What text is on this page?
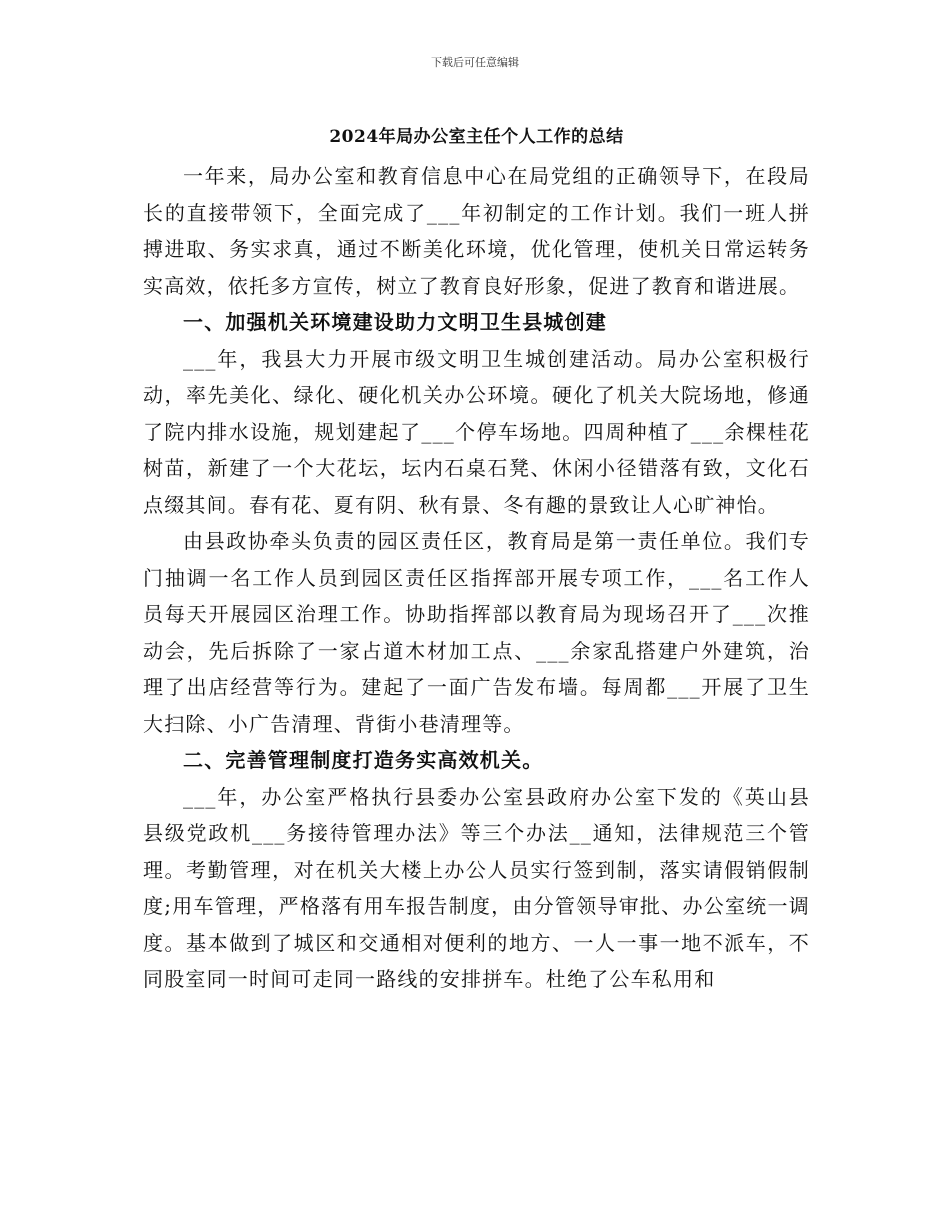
下载后可任意编辑
2024年局办公室主任个人工作的总结

一年来，局办公室和教育信息中心在局党组的正确领导下，在段局长的直接带领下，全面完成了___年初制定的工作计划。我们一班人拼搏进取、务实求真，通过不断美化环境，优化管理，使机关日常运转务实高效，依托多方宣传，树立了教育良好形象，促进了教育和谐进展。

一、加强机关环境建设助力文明卫生县城创建

___年，我县大力开展市级文明卫生城创建活动。局办公室积极行动，率先美化、绿化、硬化机关办公环境。硬化了机关大院场地，修通了院内排水设施，规划建起了___个停车场地。四周种植了___余棵桂花树苗，新建了一个大花坛，坛内石桌石凳、休闲小径错落有致，文化石点缀其间。春有花、夏有阴、秋有景、冬有趣的景致让人心旷神怡。

由县政协牵头负责的园区责任区，教育局是第一责任单位。我们专门抽调一名工作人员到园区责任区指挥部开展专项工作，___名工作人员每天开展园区治理工作。协助指挥部以教育局为现场召开了___次推动会，先后拆除了一家占道木材加工点、___余家乱搭建户外建筑，治理了出店经营等行为。建起了一面广告发布墙。每周都___开展了卫生大扫除、小广告清理、背街小巷清理等。

二、完善管理制度打造务实高效机关。

___年，办公室严格执行县委办公室县政府办公室下发的《英山县县级党政机___务接待管理办法》等三个办法__通知，法律规范三个管理。考勤管理，对在机关大楼上办公人员实行签到制，落实请假销假制度;用车管理，严格落有用车报告制度，由分管领导审批、办公室统一调度。基本做到了城区和交通相对便利的地方、一人一事一地不派车，不同股室同一时间可走同一路线的安排拼车。杜绝了公车私用和
